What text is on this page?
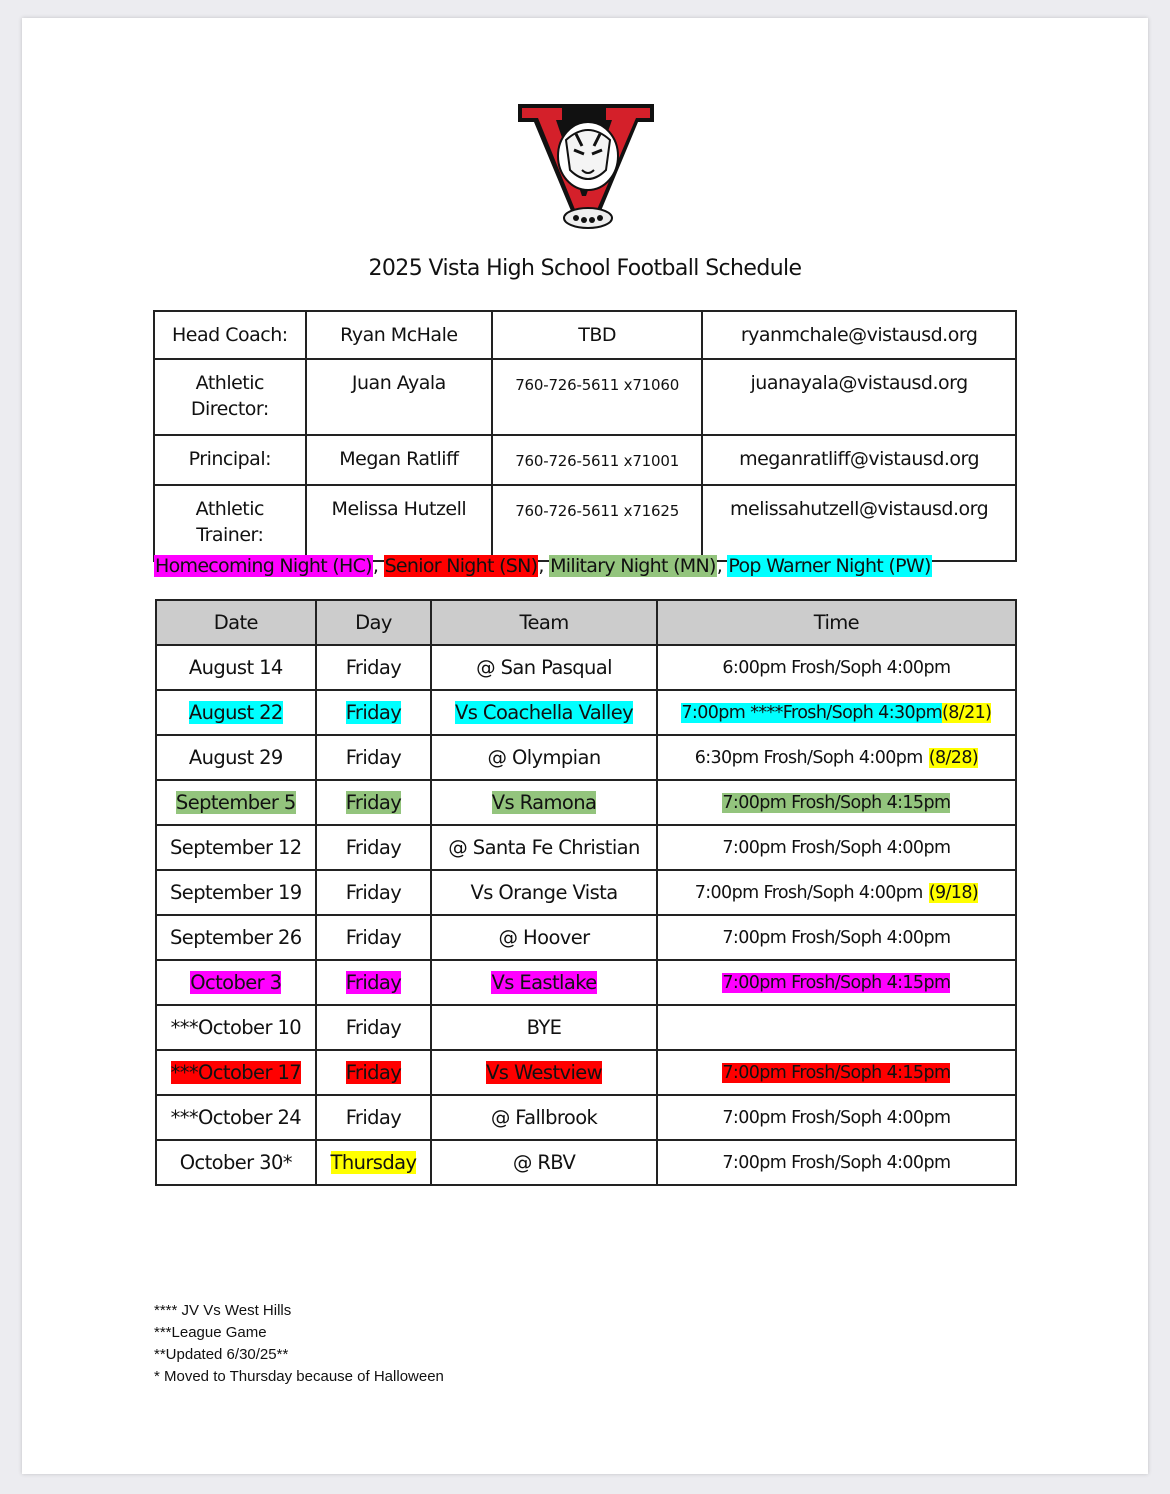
2025 Vista High School Football Schedule
Head Coach:	Ryan McHale	TBD	ryanmchale@vistausd.org
Athletic Director:	Juan Ayala	760-726-5611 x71060	juanayala@vistausd.org
Principal:	Megan Ratliff	760-726-5611 x71001	meganratliff@vistausd.org
Athletic Trainer:	Melissa Hutzell	760-726-5611 x71625	melissahutzell@vistausd.org
Homecoming Night (HC), Senior Night (SN), Military Night (MN), Pop Warner Night (PW)
Date	Day	Team	Time
August 14	Friday	@ San Pasqual	6:00pm Frosh/Soph 4:00pm
August 22	Friday	Vs Coachella Valley	7:00pm ****Frosh/Soph 4:30pm(8/21)
August 29	Friday	@ Olympian	6:30pm Frosh/Soph 4:00pm (8/28)
September 5	Friday	Vs Ramona	7:00pm Frosh/Soph 4:15pm
September 12	Friday	@ Santa Fe Christian	7:00pm Frosh/Soph 4:00pm
September 19	Friday	Vs Orange Vista	7:00pm Frosh/Soph 4:00pm (9/18)
September 26	Friday	@ Hoover	7:00pm Frosh/Soph 4:00pm
October 3	Friday	Vs Eastlake	7:00pm Frosh/Soph 4:15pm
***October 10	Friday	BYE	
***October 17	Friday	Vs Westview	7:00pm Frosh/Soph 4:15pm
***October 24	Friday	@ Fallbrook	7:00pm Frosh/Soph 4:00pm
October 30*	Thursday	@ RBV	7:00pm Frosh/Soph 4:00pm
**** JV Vs West Hills
***League Game
**Updated 6/30/25**
* Moved to Thursday because of Halloween
